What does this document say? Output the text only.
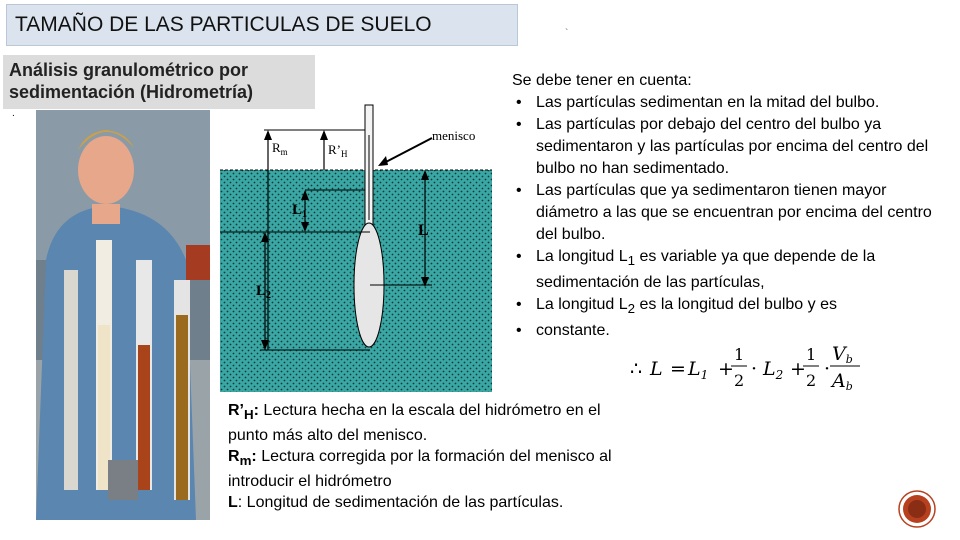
TAMAÑO DE LAS PARTICULAS DE SUELO	`
Análisis granulométrico por sedimentación (Hidrometría)
.
$R_m$	$R’_H$
menisco
$L_1$
L
$L_2$
Se debe tener en cuenta:
• Las partículas sedimentan en la mitad del bulbo.
• Las partículas por debajo del centro del bulbo ya sedimentaron y las partículas por encima del centro del bulbo no han sedimentado.
• Las partículas que ya sedimentaron tienen mayor diámetro a las que se encuentran por encima del centro del bulbo.
• La longitud $L_1$ es variable ya que depende de la sedimentación de las partículas,
• La longitud $L_2$ es la longitud del bulbo y es
• constante.
∴ $L = L_1$ +
1
2
· $L_2$ +
1
2
·
Vb
Ab
$R’_H$: Lectura hecha en la escala del hidrómetro en el punto más alto del menisco.
$R_m$: Lectura corregida por la formación del menisco al introducir el hidrómetro
L: Longitud de sedimentación de las partículas.
